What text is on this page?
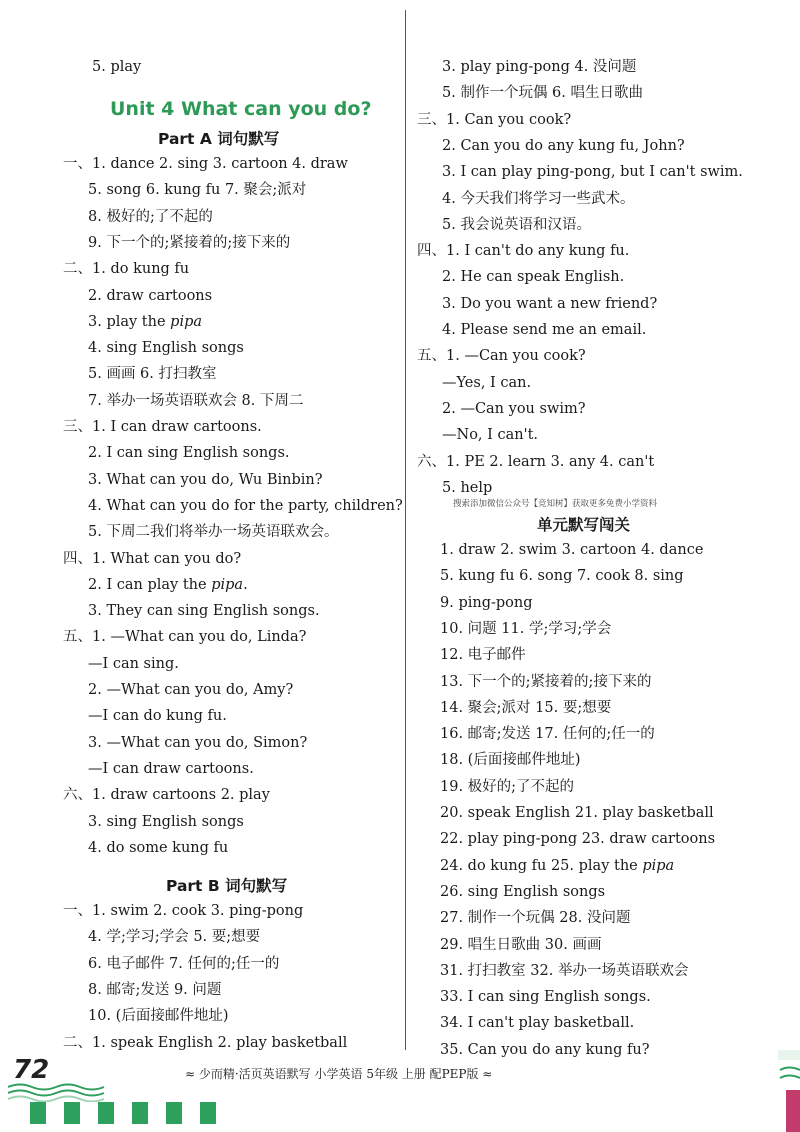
5. play
Unit 4 What can you do?
Part A 词句默写
一、1. dance 2. sing 3. cartoon 4. draw
5. song 6. kung fu 7. 聚会;派对
8. 极好的;了不起的
9. 下一个的;紧接着的;接下来的
二、1. do kung fu
2. draw cartoons
3. play the pipa
4. sing English songs
5. 画画 6. 打扫教室
7. 举办一场英语联欢会 8. 下周二
三、1. I can draw cartoons.
2. I can sing English songs.
3. What can you do, Wu Binbin?
4. What can you do for the party, children?
5. 下周二我们将举办一场英语联欢会。
四、1. What can you do?
2. I can play the pipa.
3. They can sing English songs.
五、1. —What can you do, Linda?
—I can sing.
2. —What can you do, Amy?
—I can do kung fu.
3. —What can you do, Simon?
—I can draw cartoons.
六、1. draw cartoons 2. play
3. sing English songs
4. do some kung fu
Part B 词句默写
一、1. swim 2. cook 3. ping-pong
4. 学;学习;学会 5. 要;想要
6. 电子邮件 7. 任何的;任一的
8. 邮寄;发送 9. 问题
10. (后面接邮件地址)
二、1. speak English 2. play basketball
3. play ping-pong 4. 没问题
5. 制作一个玩偶 6. 唱生日歌曲
三、1. Can you cook?
2. Can you do any kung fu, John?
3. I can play ping-pong, but I can't swim.
4. 今天我们将学习一些武术。
5. 我会说英语和汉语。
四、1. I can't do any kung fu.
2. He can speak English.
3. Do you want a new friend?
4. Please send me an email.
五、1. —Can you cook?
—Yes, I can.
2. —Can you swim?
—No, I can't.
六、1. PE 2. learn 3. any 4. can't
5. help
搜索添加微信公众号【竞知树】获取更多免费小学资料
单元默写闯关
1. draw 2. swim 3. cartoon 4. dance
5. kung fu 6. song 7. cook 8. sing
9. ping-pong
10. 问题 11. 学;学习;学会
12. 电子邮件
13. 下一个的;紧接着的;接下来的
14. 聚会;派对 15. 要;想要
16. 邮寄;发送 17. 任何的;任一的
18. (后面接邮件地址)
19. 极好的;了不起的
20. speak English 21. play basketball
22. play ping-pong 23. draw cartoons
24. do kung fu 25. play the pipa
26. sing English songs
27. 制作一个玩偶 28. 没问题
29. 唱生日歌曲 30. 画画
31. 打扫教室 32. 举办一场英语联欢会
33. I can sing English songs.
34. I can't play basketball.
35. Can you do any kung fu?
72	≈ 少而精·活页英语默写 小学英语 5年级 上册 配PEP版 ≈
